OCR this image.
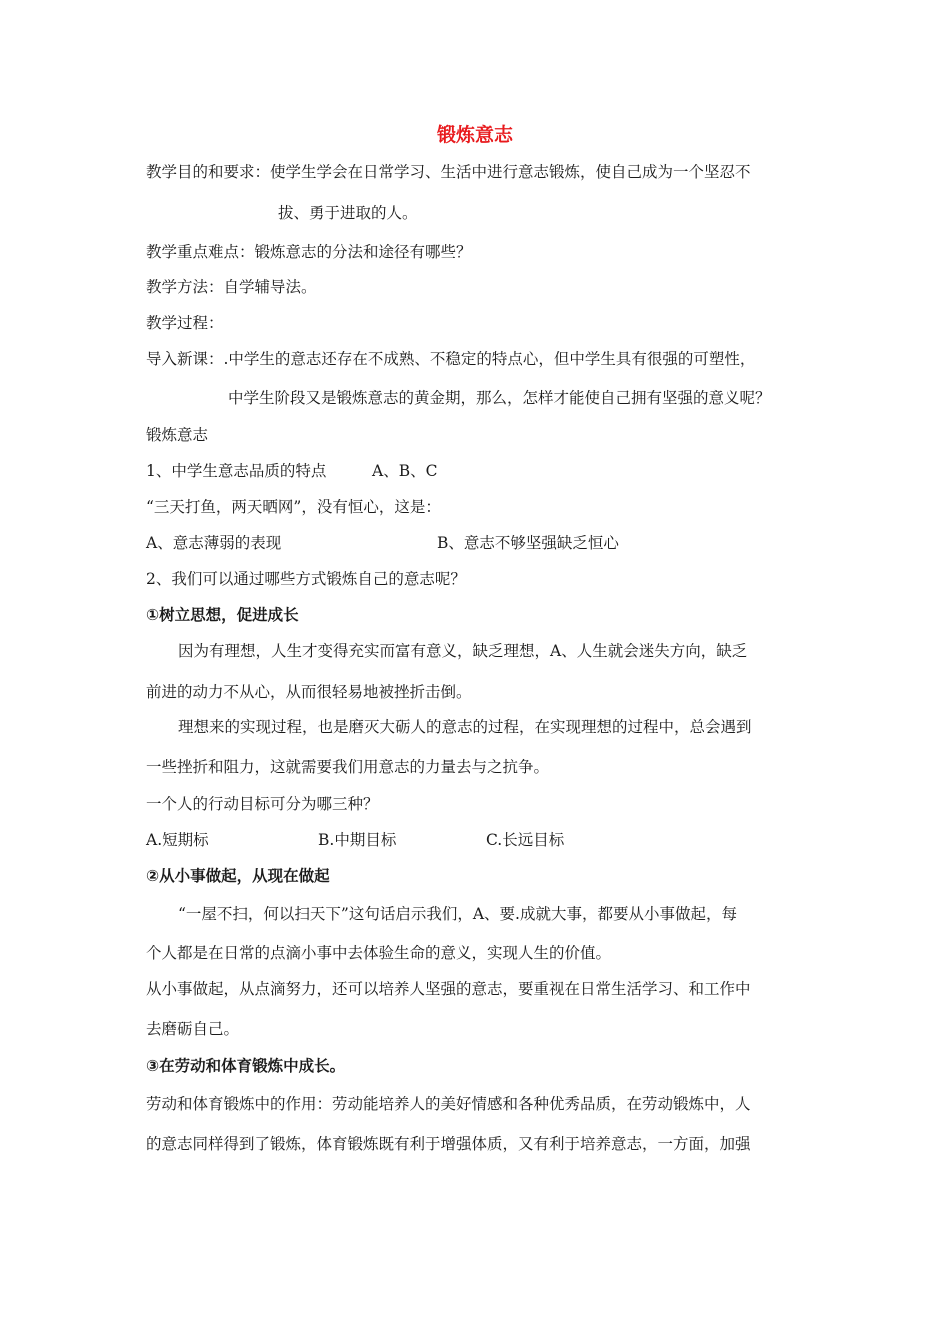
锻炼意志

教学目的和要求：使学生学会在日常学习、生活中进行意志锻炼，使自己成为一个坚忍不

拔、勇于进取的人。

教学重点难点：锻炼意志的分法和途径有哪些？

教学方法：自学辅导法。

教学过程：

导入新课：.中学生的意志还存在不成熟、不稳定的特点心，但中学生具有很强的可塑性，

中学生阶段又是锻炼意志的黄金期，那么，怎样才能使自己拥有坚强的意义呢？

锻炼意志

1、中学生意志品质的特点	A、B、C

“三天打鱼，两天晒网”，没有恒心，这是：

A、意志薄弱的表现	B、意志不够坚强缺乏恒心

2、我们可以通过哪些方式锻炼自己的意志呢？

①树立思想，促进成长

因为有理想，人生才变得充实而富有意义，缺乏理想，A、人生就会迷失方向，缺乏

前进的动力不从心，从而很轻易地被挫折击倒。

理想来的实现过程，也是磨灭大砺人的意志的过程，在实现理想的过程中，总会遇到

一些挫折和阻力，这就需要我们用意志的力量去与之抗争。

一个人的行动目标可分为哪三种？

A.短期标	B.中期目标	C.长远目标

②从小事做起，从现在做起

“一屋不扫，何以扫天下”这句话启示我们，A、要.成就大事，都要从小事做起，每

个人都是在日常的点滴小事中去体验生命的意义，实现人生的价值。

从小事做起，从点滴努力，还可以培养人坚强的意志，要重视在日常生活学习、和工作中

去磨砺自己。

③在劳动和体育锻炼中成长。

劳动和体育锻炼中的作用：劳动能培养人的美好情感和各种优秀品质，在劳动锻炼中，人

的意志同样得到了锻炼，体育锻炼既有利于增强体质，又有利于培养意志，一方面，加强
